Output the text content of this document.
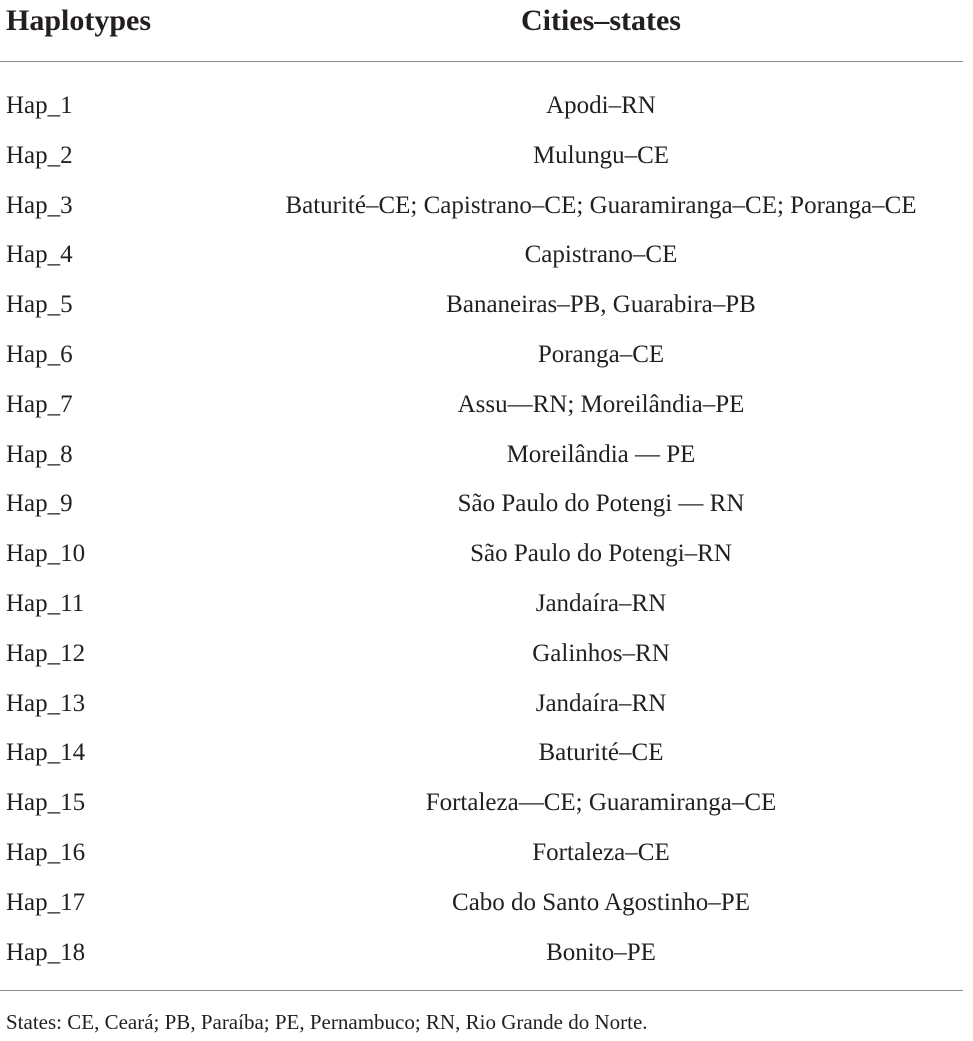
Haplotypes	Cities–states
Hap_1	Apodi–RN
Hap_2	Mulungu–CE
Hap_3	Baturité–CE; Capistrano–CE; Guaramiranga–CE; Poranga–CE
Hap_4	Capistrano–CE
Hap_5	Bananeiras–PB, Guarabira–PB
Hap_6	Poranga–CE
Hap_7	Assu—RN; Moreilândia–PE
Hap_8	Moreilândia — PE
Hap_9	São Paulo do Potengi — RN
Hap_10	São Paulo do Potengi–RN
Hap_11	Jandaíra–RN
Hap_12	Galinhos–RN
Hap_13	Jandaíra–RN
Hap_14	Baturité–CE
Hap_15	Fortaleza—CE; Guaramiranga–CE
Hap_16	Fortaleza–CE
Hap_17	Cabo do Santo Agostinho–PE
Hap_18	Bonito–PE
States: CE, Ceará; PB, Paraíba; PE, Pernambuco; RN, Rio Grande do Norte.
